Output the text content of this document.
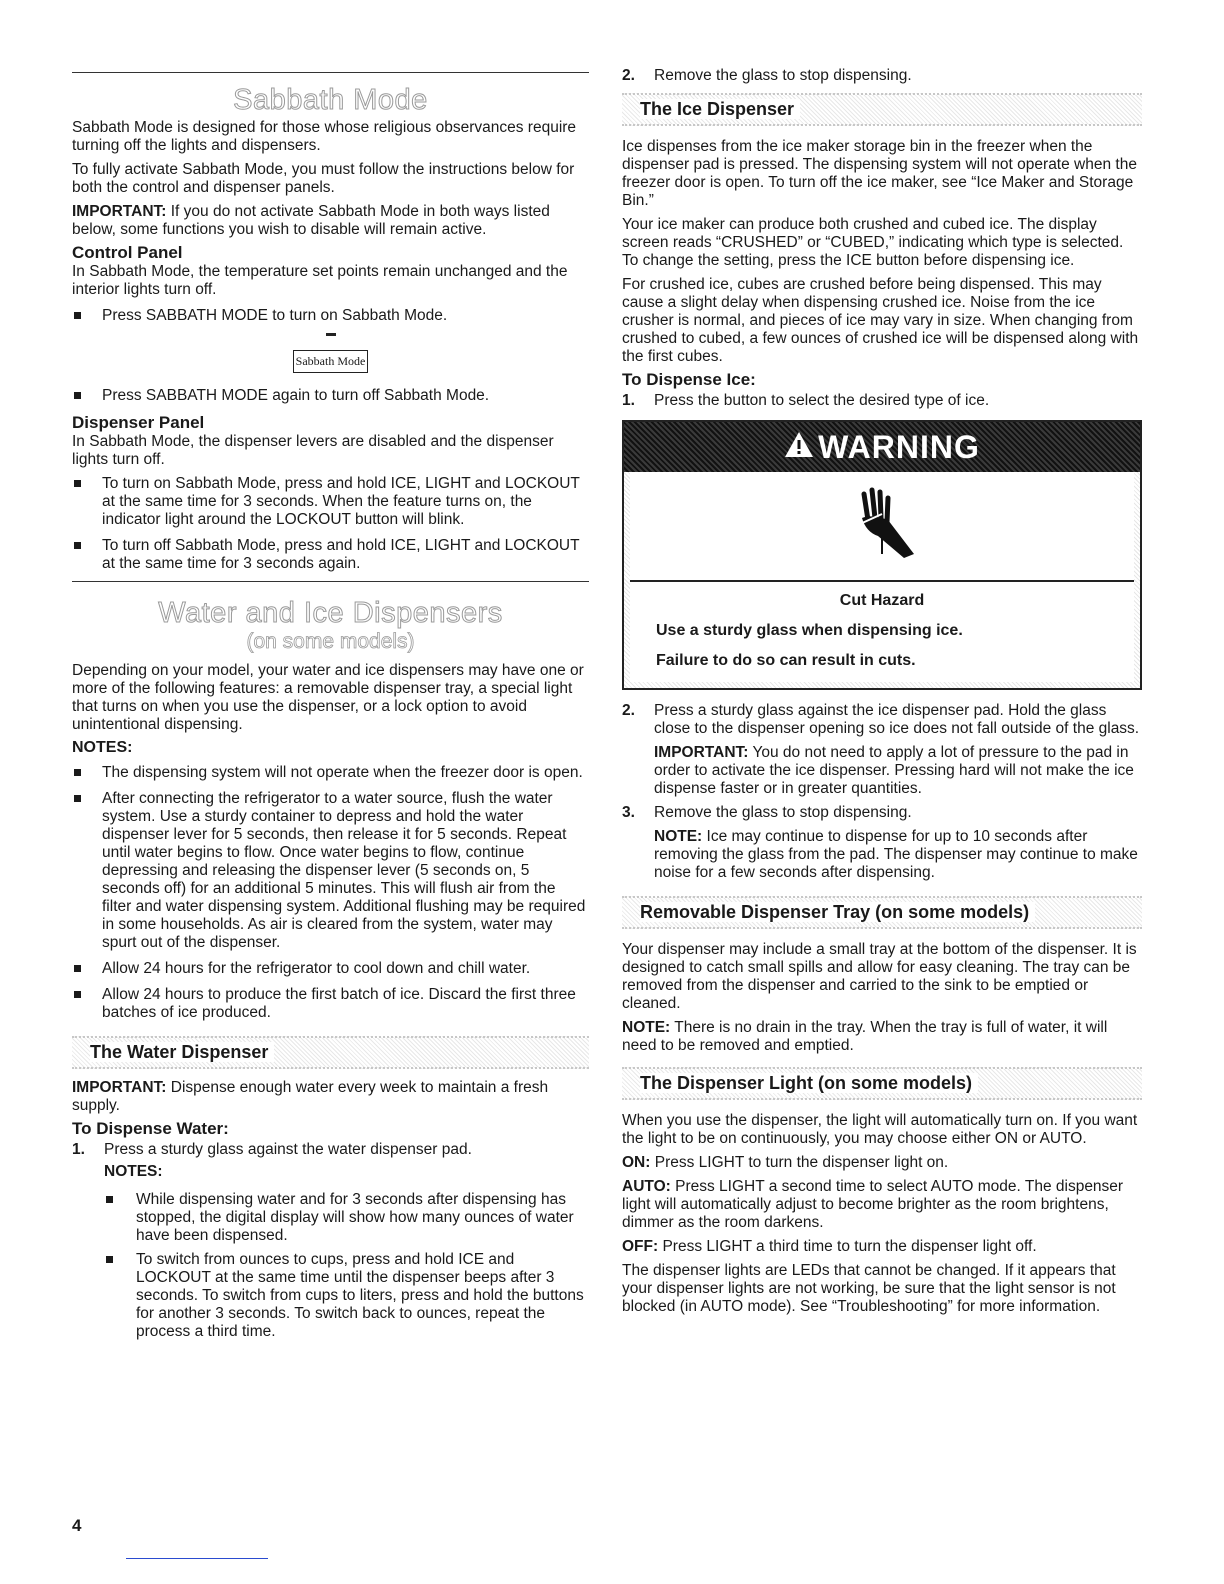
Sabbath Mode

Sabbath Mode is designed for those whose religious observances require turning off the lights and dispensers.

To fully activate Sabbath Mode, you must follow the instructions below for both the control and dispenser panels.

IMPORTANT: If you do not activate Sabbath Mode in both ways listed below, some functions you wish to disable will remain active.

Control Panel

In Sabbath Mode, the temperature set points remain unchanged and the interior lights turn off.

Press SABBATH MODE to turn on Sabbath Mode.
Sabbath Mode
Press SABBATH MODE again to turn off Sabbath Mode.
Dispenser Panel

In Sabbath Mode, the dispenser levers are disabled and the dispenser lights turn off.

To turn on Sabbath Mode, press and hold ICE, LIGHT and LOCKOUT at the same time for 3 seconds. When the feature turns on, the indicator light around the LOCKOUT button will blink.
To turn off Sabbath Mode, press and hold ICE, LIGHT and LOCKOUT at the same time for 3 seconds again.
Water and Ice Dispensers
(on some models)

Depending on your model, your water and ice dispensers may have one or more of the following features: a removable dispenser tray, a special light that turns on when you use the dispenser, or a lock option to avoid unintentional dispensing.

NOTES:
The dispensing system will not operate when the freezer door is open.
After connecting the refrigerator to a water source, flush the water system. Use a sturdy container to depress and hold the water dispenser lever for 5 seconds, then release it for 5 seconds. Repeat until water begins to flow. Once water begins to flow, continue depressing and releasing the dispenser lever (5 seconds on, 5 seconds off) for an additional 5 minutes. This will flush air from the filter and water dispensing system. Additional flushing may be required in some households. As air is cleared from the system, water may spurt out of the dispenser.
Allow 24 hours for the refrigerator to cool down and chill water.
Allow 24 hours to produce the first batch of ice. Discard the first three batches of ice produced.
The Water Dispenser

IMPORTANT: Dispense enough water every week to maintain a fresh supply.

To Dispense Water:
1. Press a sturdy glass against the water dispenser pad.
NOTES:
While dispensing water and for 3 seconds after dispensing has stopped, the digital display will show how many ounces of water have been dispensed.
To switch from ounces to cups, press and hold ICE and LOCKOUT at the same time until the dispenser beeps after 3 seconds. To switch from cups to liters, press and hold the buttons for another 3 seconds. To switch back to ounces, repeat the process a third time.
2. Remove the glass to stop dispensing.
The Ice Dispenser

Ice dispenses from the ice maker storage bin in the freezer when the dispenser pad is pressed. The dispensing system will not operate when the freezer door is open. To turn off the ice maker, see “Ice Maker and Storage Bin.”

Your ice maker can produce both crushed and cubed ice. The display screen reads “CRUSHED” or “CUBED,” indicating which type is selected. To change the setting, press the ICE button before dispensing ice.

For crushed ice, cubes are crushed before being dispensed. This may cause a slight delay when dispensing crushed ice. Noise from the ice crusher is normal, and pieces of ice may vary in size. When changing from crushed to cubed, a few ounces of crushed ice will be dispensed along with the first cubes.

To Dispense Ice:
1. Press the button to select the desired type of ice.
WARNING
Cut Hazard
Use a sturdy glass when dispensing ice.
Failure to do so can result in cuts.
2. Press a sturdy glass against the ice dispenser pad. Hold the glass close to the dispenser opening so ice does not fall outside of the glass.
IMPORTANT: You do not need to apply a lot of pressure to the pad in order to activate the ice dispenser. Pressing hard will not make the ice dispense faster or in greater quantities.
3. Remove the glass to stop dispensing.
NOTE: Ice may continue to dispense for up to 10 seconds after removing the glass from the pad. The dispenser may continue to make noise for a few seconds after dispensing.
Removable Dispenser Tray (on some models)

Your dispenser may include a small tray at the bottom of the dispenser. It is designed to catch small spills and allow for easy cleaning. The tray can be removed from the dispenser and carried to the sink to be emptied or cleaned.

NOTE: There is no drain in the tray. When the tray is full of water, it will need to be removed and emptied.

The Dispenser Light (on some models)

When you use the dispenser, the light will automatically turn on. If you want the light to be on continuously, you may choose either ON or AUTO.

ON: Press LIGHT to turn the dispenser light on.

AUTO: Press LIGHT a second time to select AUTO mode. The dispenser light will automatically adjust to become brighter as the room brightens, dimmer as the room darkens.

OFF: Press LIGHT a third time to turn the dispenser light off.

The dispenser lights are LEDs that cannot be changed. If it appears that your dispenser lights are not working, be sure that the light sensor is not blocked (in AUTO mode). See “Troubleshooting” for more information.

4
